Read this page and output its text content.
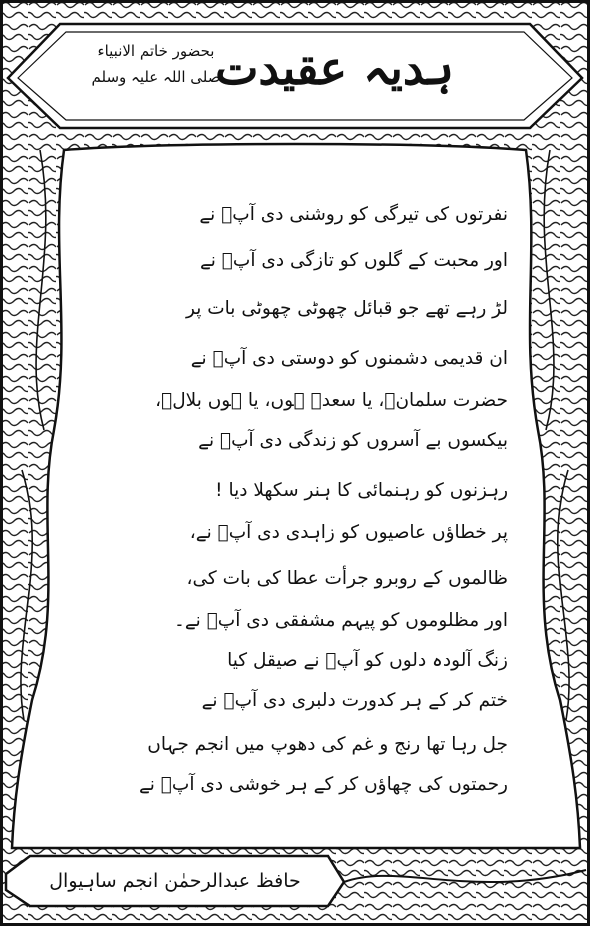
ہدیہ عقیدت
بحضور خاتم الانبیاء
صلی اللہ علیہ وسلم
نفرتوں کی تیرگی کو روشنی دی آپؐ نے
اور محبت کے گلوں کو تازگی دی آپؐ نے
لڑ رہے تھے جو قبائل چھوٹی چھوٹی بات پر
ان قدیمی دشمنوں کو دوستی دی آپؐ نے
حضرت سلمانؓ، یا سعدؓ ہوں، یا ہوں بلالؓ،
بیکسوں بے آسروں کو زندگی دی آپؐ نے
رہزنوں کو رہنمائی کا ہنر سکھلا دیا !
پر خطاؤں عاصیوں کو زاہدی دی آپؐ نے،
ظالموں کے روبرو جرأت عطا کی بات کی،
اور مظلوموں کو پیہم مشفقی دی آپؐ نے۔
زنگ آلودہ دلوں کو آپؐ نے صیقل کیا
ختم کر کے ہر کدورت دلبری دی آپؐ نے
جل رہا تھا رنج و غم کی دھوپ میں انجم جہاں
رحمتوں کی چھاؤں کر کے ہر خوشی دی آپؐ نے
حافظ عبدالرحمٰن انجم ساہیوال
